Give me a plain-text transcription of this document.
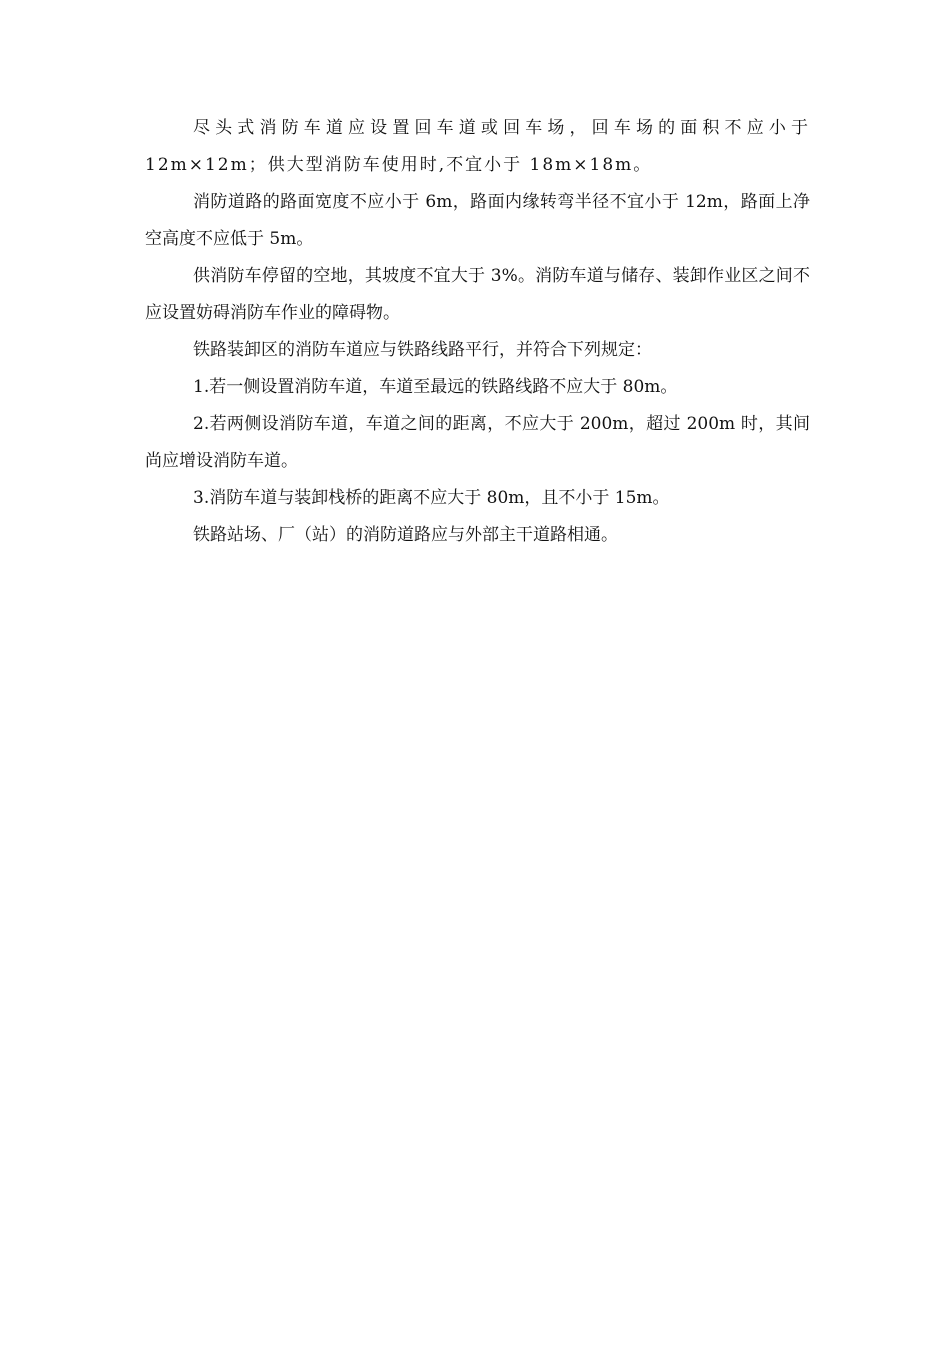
尽头式消防车道应设置回车道或回车场，回车场的面积不应小于12m×12m；供大型消防车使用时,不宜小于 18m×18m。

消防道路的路面宽度不应小于 6m，路面内缘转弯半径不宜小于 12m，路面上净空高度不应低于 5m。

供消防车停留的空地，其坡度不宜大于 3%。消防车道与储存、装卸作业区之间不应设置妨碍消防车作业的障碍物。

铁路装卸区的消防车道应与铁路线路平行，并符合下列规定：

1.若一侧设置消防车道，车道至最远的铁路线路不应大于 80m。

2.若两侧设消防车道，车道之间的距离，不应大于 200m，超过 200m 时，其间尚应增设消防车道。

3.消防车道与装卸栈桥的距离不应大于 80m，且不小于 15m。

铁路站场、厂（站）的消防道路应与外部主干道路相通。
